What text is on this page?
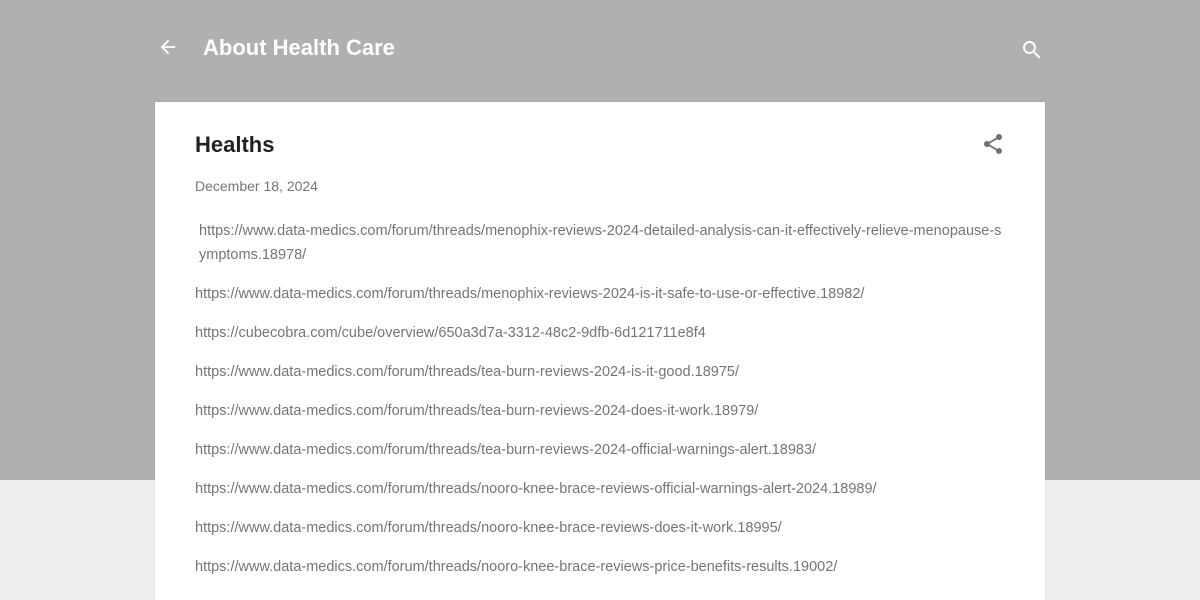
About Health Care
Healths
December 18, 2024
https://www.data-medics.com/forum/threads/menophix-reviews-2024-detailed-analysis-can-it-effectively-relieve-menopause-symptoms.18978/
https://www.data-medics.com/forum/threads/menophix-reviews-2024-is-it-safe-to-use-or-effective.18982/
https://cubecobra.com/cube/overview/650a3d7a-3312-48c2-9dfb-6d121711e8f4
https://www.data-medics.com/forum/threads/tea-burn-reviews-2024-is-it-good.18975/
https://www.data-medics.com/forum/threads/tea-burn-reviews-2024-does-it-work.18979/
https://www.data-medics.com/forum/threads/tea-burn-reviews-2024-official-warnings-alert.18983/
https://www.data-medics.com/forum/threads/nooro-knee-brace-reviews-official-warnings-alert-2024.18989/
https://www.data-medics.com/forum/threads/nooro-knee-brace-reviews-does-it-work.18995/
https://www.data-medics.com/forum/threads/nooro-knee-brace-reviews-price-benefits-results.19002/
